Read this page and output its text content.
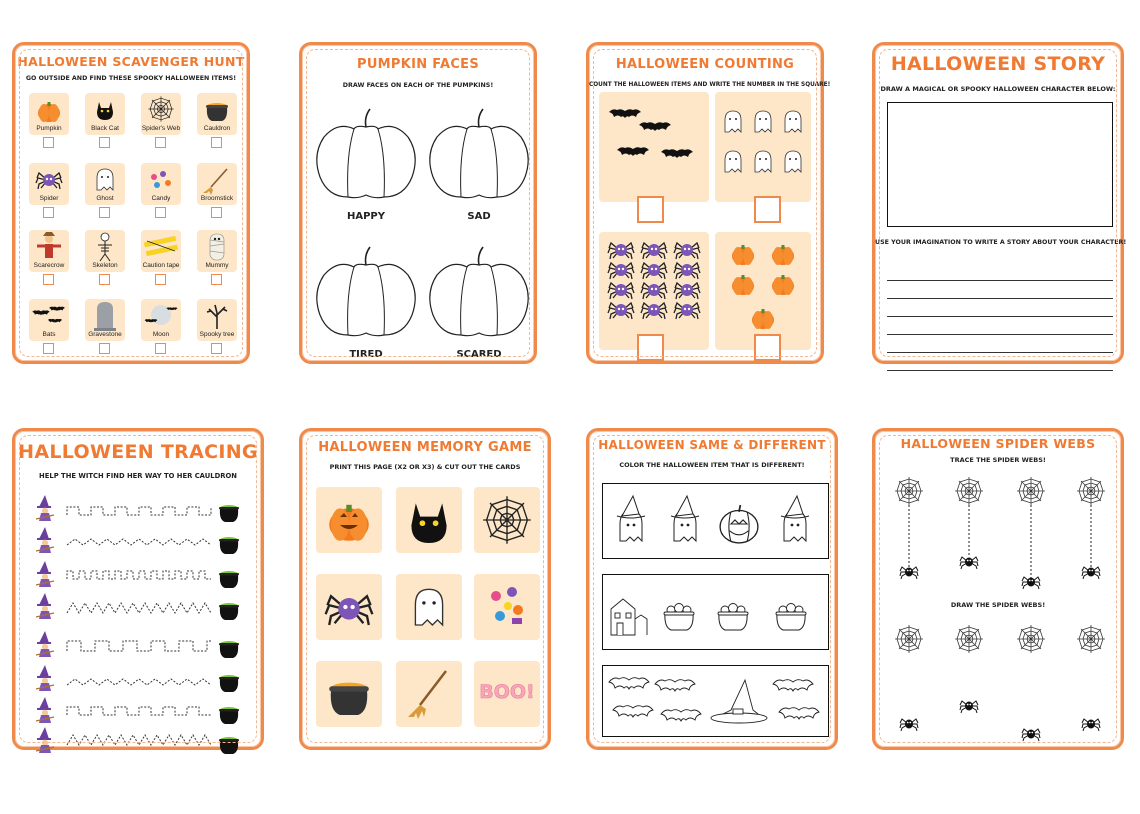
HALLOWEEN SCAVENGER HUNT
GO OUTSIDE AND FIND THESE SPOOKY HALLOWEEN ITEMS!
Pumpkin	Black Cat	Spider's Web	Cauldron
Spider	Ghost	Candy	Broomstick
Scarecrow	Skeleton	Caution tape	Mummy
Bats	Gravestone	Moon	Spooky tree
PUMPKIN FACES
DRAW FACES ON EACH OF THE PUMPKINS!
HAPPY	SAD
TIRED	SCARED
HALLOWEEN COUNTING
COUNT THE HALLOWEEN ITEMS AND WRITE THE NUMBER IN THE SQUARE!
HALLOWEEN STORY
DRAW A MAGICAL OR SPOOKY HALLOWEEN CHARACTER BELOW:
USE YOUR IMAGINATION TO WRITE A STORY ABOUT YOUR CHARACTER!
HALLOWEEN TRACING
HELP THE WITCH FIND HER WAY TO HER CAULDRON
HALLOWEEN MEMORY GAME
PRINT THIS PAGE (X2 OR X3) & CUT OUT THE CARDS
BOO!
HALLOWEEN SAME & DIFFERENT
COLOR THE HALLOWEEN ITEM THAT IS DIFFERENT!
HALLOWEEN SPIDER WEBS
TRACE THE SPIDER WEBS!
DRAW THE SPIDER WEBS!
